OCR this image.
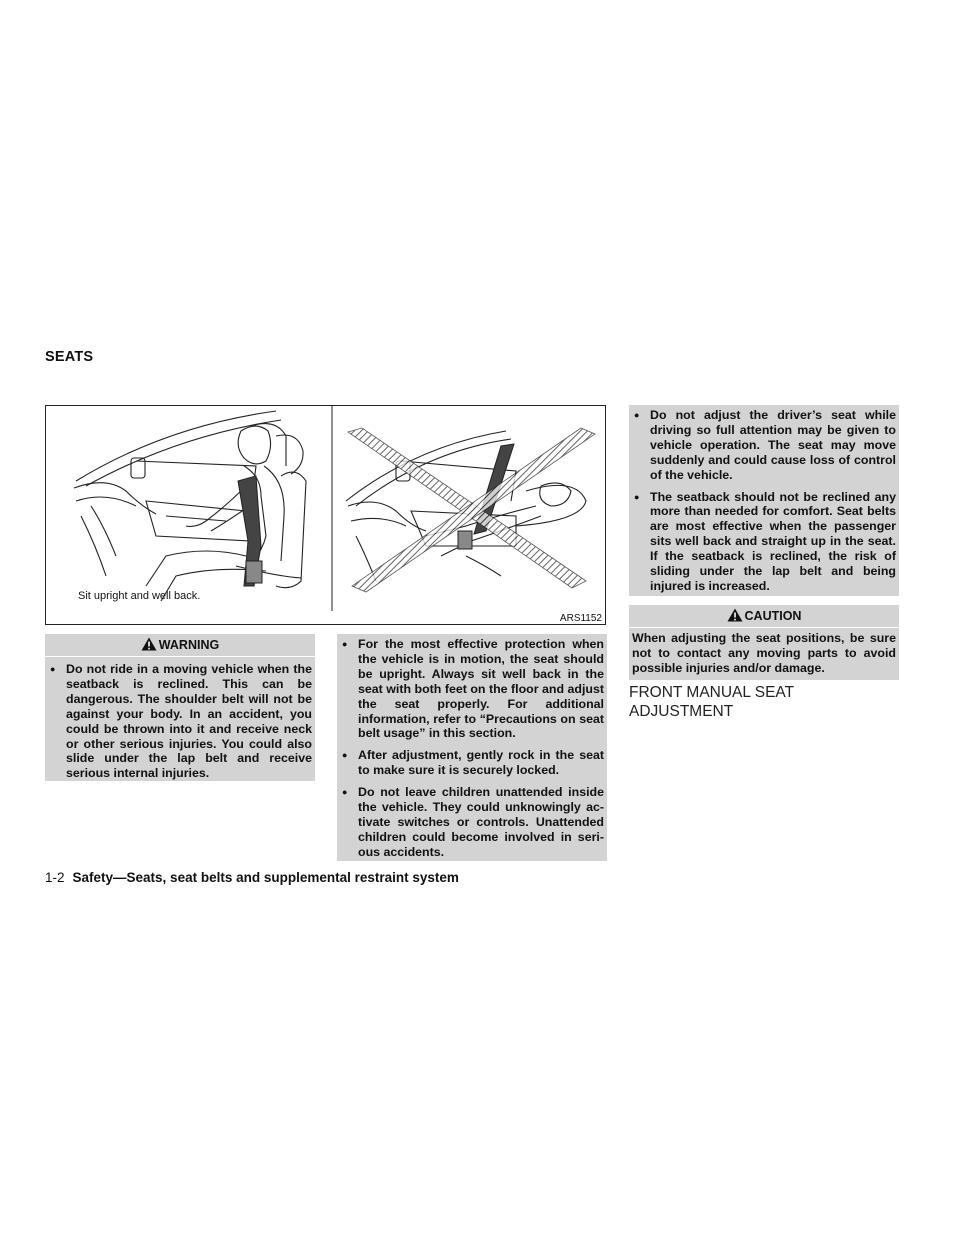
SEATS
Sit upright and well back.
ARS1152
WARNING
● Do not ride in a moving vehicle when the seatback is reclined. This can be dangerous. The shoulder belt will not be against your body. In an accident, you could be thrown into it and receive neck or other serious injuries. You could also slide under the lap belt and receive serious internal injuries.
● For the most effective protection when the vehicle is in motion, the seat should be upright. Always sit well back in the seat with both feet on the floor and adjust the seat properly. For additional information, refer to “Precautions on seat belt usage” in this section.
● After adjustment, gently rock in the seat to make sure it is securely locked.
● Do not leave children unattended inside the vehicle. They could unknowingly activate switches or controls. Unattended children could become involved in serious accidents.
● Do not adjust the driver’s seat while driving so full attention may be given to vehicle operation. The seat may move suddenly and could cause loss of control of the vehicle.
● The seatback should not be reclined any more than needed for comfort. Seat belts are most effective when the passenger sits well back and straight up in the seat. If the seatback is reclined, the risk of sliding under the lap belt and being injured is increased.
CAUTION
When adjusting the seat positions, be sure not to contact any moving parts to avoid possible injuries and/or damage.
FRONT MANUAL SEAT ADJUSTMENT
1-2 Safety—Seats, seat belts and supplemental restraint system
